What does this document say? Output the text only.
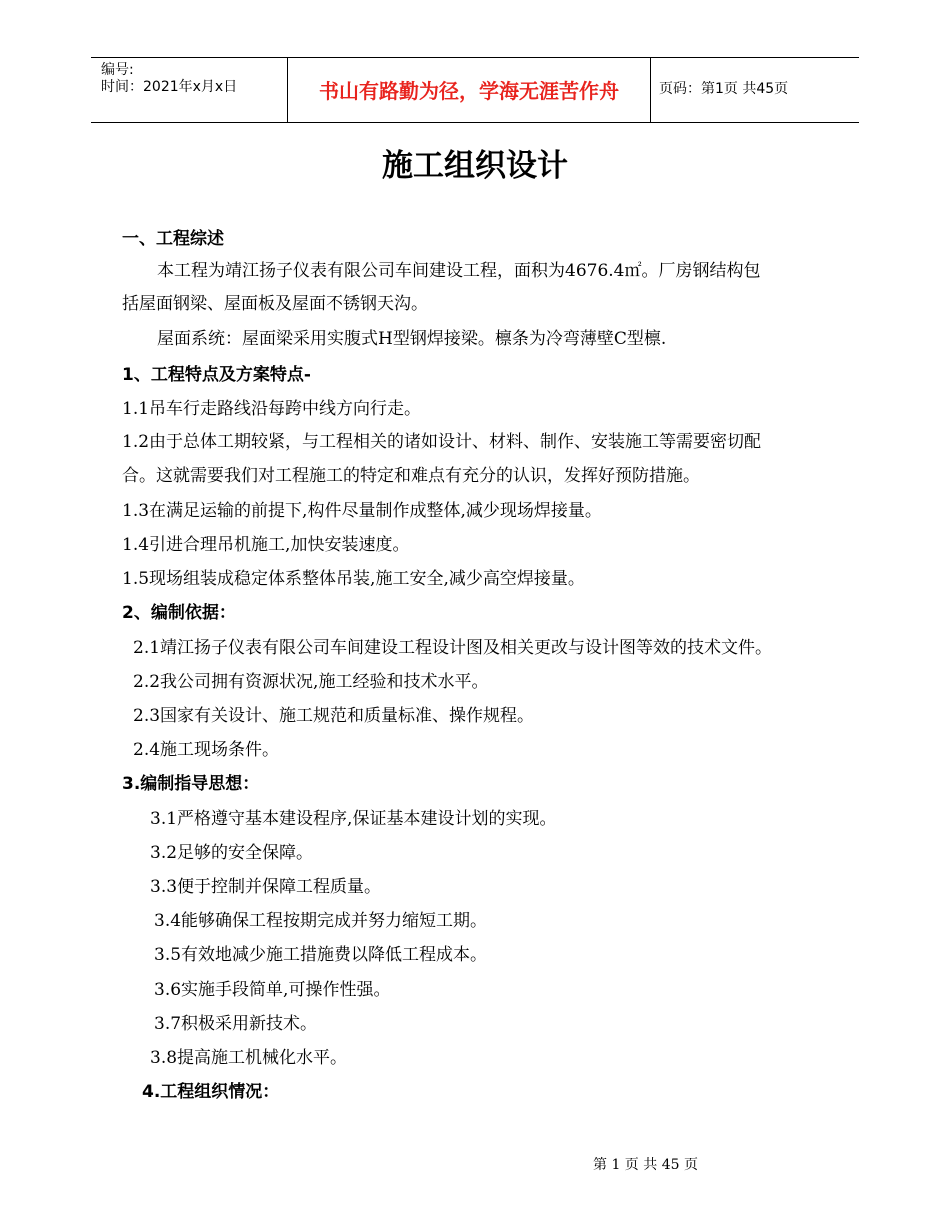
编号:
时间：2021年x月x日	书山有路勤为径，学海无涯苦作舟	页码：第1页 共45页
施工组织设计
一、工程综述
本工程为靖江扬子仪表有限公司车间建设工程，面积为4676.4㎡。厂房钢结构包
括屋面钢梁、屋面板及屋面不锈钢天沟。
屋面系统：屋面梁采用实腹式H型钢焊接梁。檩条为冷弯薄壁C型檩.
1、工程特点及方案特点-
1.1吊车行走路线沿每跨中线方向行走。
1.2由于总体工期较紧，与工程相关的诸如设计、材料、制作、安装施工等需要密切配
合。这就需要我们对工程施工的特定和难点有充分的认识，发挥好预防措施。
1.3在满足运输的前提下,构件尽量制作成整体,减少现场焊接量。
1.4引进合理吊机施工,加快安装速度。
1.5现场组装成稳定体系整体吊装,施工安全,减少高空焊接量。
2、编制依据：
2.1靖江扬子仪表有限公司车间建设工程设计图及相关更改与设计图等效的技术文件。
2.2我公司拥有资源状况,施工经验和技术水平。
2.3国家有关设计、施工规范和质量标准、操作规程。
2.4施工现场条件。
3.编制指导思想：
3.1严格遵守基本建设程序,保证基本建设计划的实现。
3.2足够的安全保障。
3.3便于控制并保障工程质量。
3.4能够确保工程按期完成并努力缩短工期。
3.5有效地减少施工措施费以降低工程成本。
3.6实施手段简单,可操作性强。
3.7积极采用新技术。
3.8提高施工机械化水平。
4.工程组织情况：
第 1 页 共 45 页
